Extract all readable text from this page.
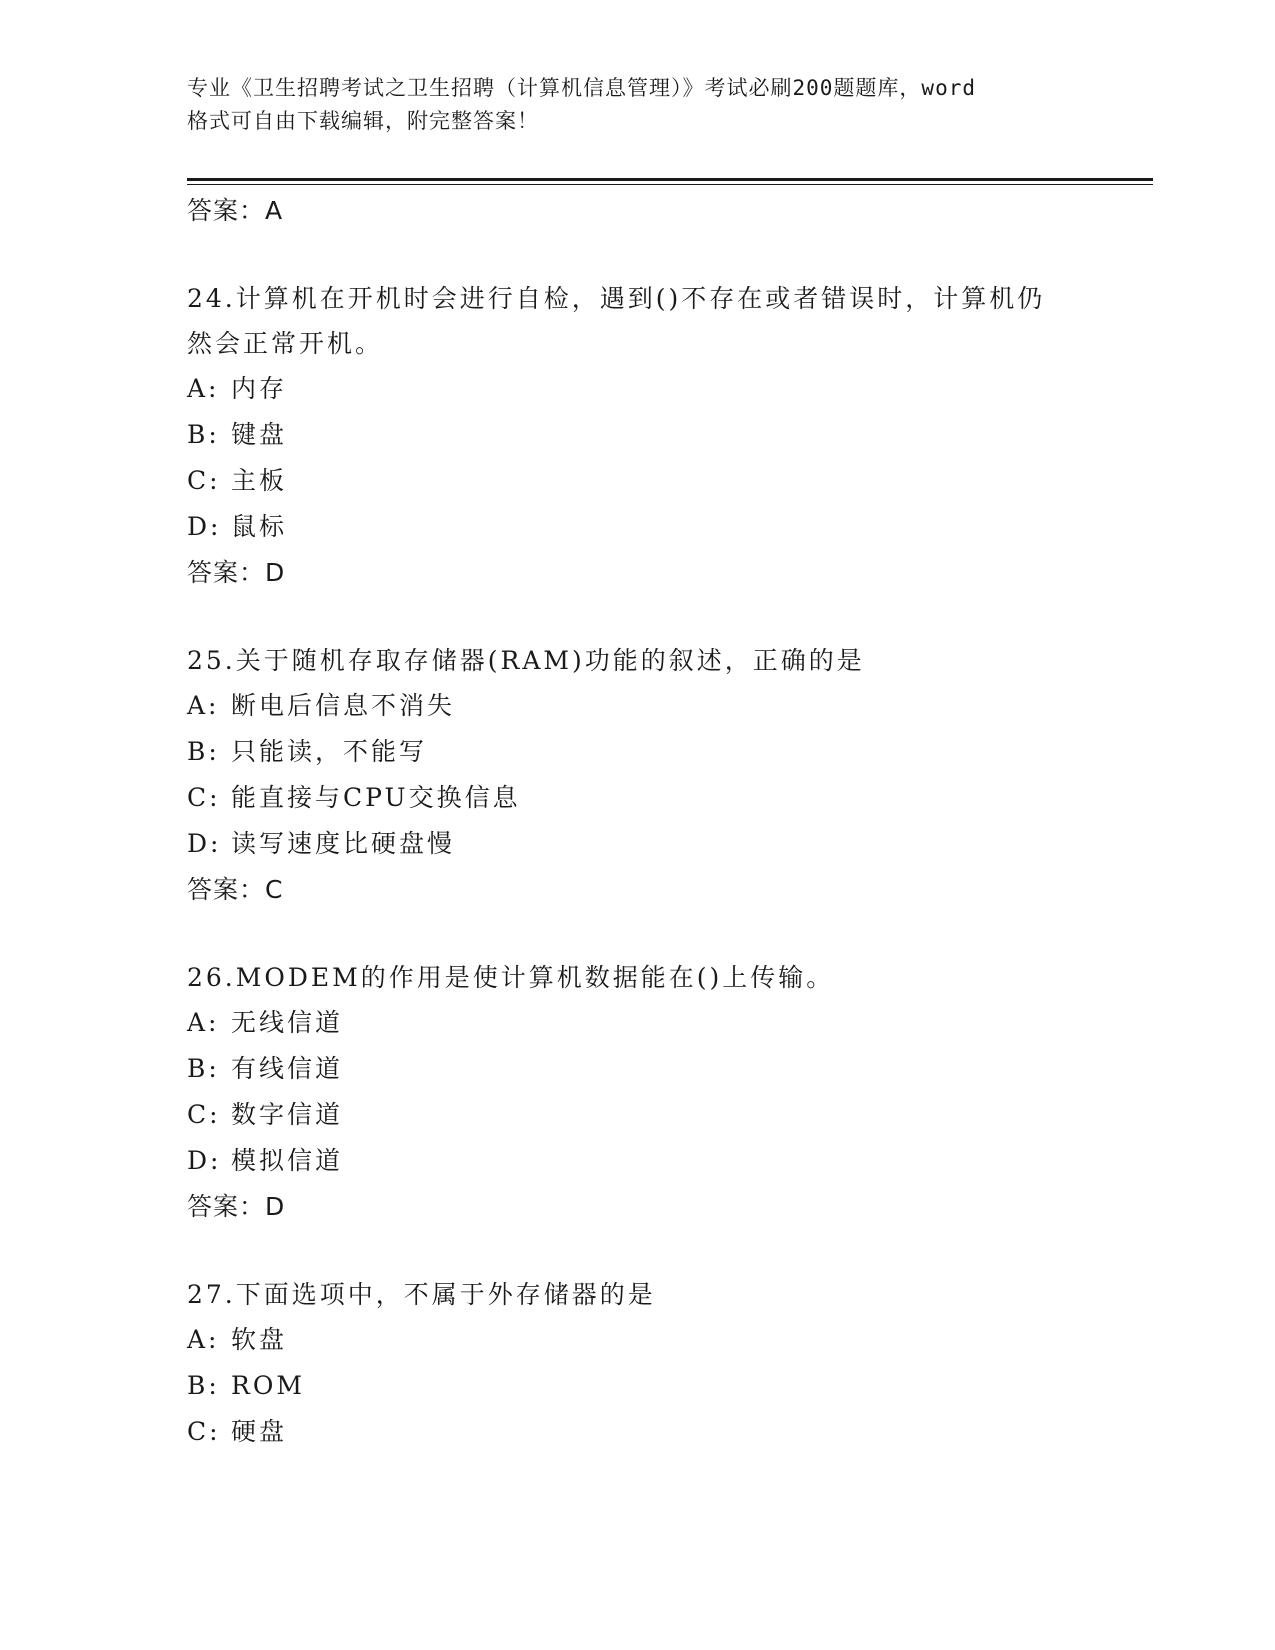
专业《卫生招聘考试之卫生招聘（计算机信息管理）》考试必刷200题题库，word
格式可自由下载编辑，附完整答案！
答案：A
24.计算机在开机时会进行自检，遇到()不存在或者错误时，计算机仍然会正常开机。
A: 内存
B: 键盘
C: 主板
D: 鼠标
答案：D
25.关于随机存取存储器(RAM)功能的叙述，正确的是
A: 断电后信息不消失
B: 只能读，不能写
C: 能直接与CPU交换信息
D: 读写速度比硬盘慢
答案：C
26.MODEM的作用是使计算机数据能在()上传输。
A: 无线信道
B: 有线信道
C: 数字信道
D: 模拟信道
答案：D
27.下面选项中，不属于外存储器的是
A: 软盘
B: ROM
C: 硬盘
